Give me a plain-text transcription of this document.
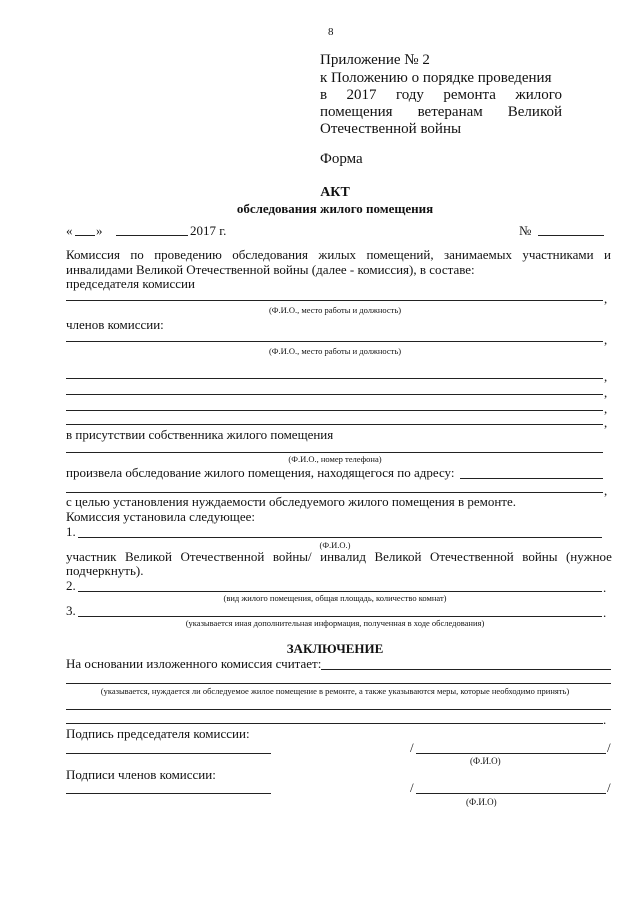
8
Приложение № 2
к Положению о порядке проведения
в 2017 году ремонта жилого
помещения ветеранам Великой
Отечественной войны
Форма
АКТ
обследования жилого помещения
« »	2017 г.	№
Комиссия по проведению обследования жилых помещений, занимаемых участниками и
инвалидами Великой Отечественной войны (далее - комиссия), в составе:
председателя комиссии
,
(Ф.И.О., место работы и должность)
членов комиссии:
,
(Ф.И.О., место работы и должность)
,
,
,
,
в присутствии собственника жилого помещения
(Ф.И.О., номер телефона)
произвела обследование жилого помещения, находящегося по адресу:
,
с целью установления нуждаемости обследуемого жилого помещения в ремонте.
Комиссия установила следующее:
1.
(Ф.И.О.)
участник Великой Отечественной войны/ инвалид Великой Отечественной войны (нужное
подчеркнуть).
2.	.
(вид жилого помещения, общая площадь, количество комнат)
3.	.
(указывается иная дополнительная информация, полученная в ходе обследования)
ЗАКЛЮЧЕНИЕ
На основании изложенного комиссия считает:
(указывается, нуждается ли обследуемое жилое помещение в ремонте, а также указываются меры, которые необходимо принять)
.
Подпись председателя комиссии:
/	/
(Ф.И.О)
Подписи членов комиссии:
/	/
(Ф.И.О)
